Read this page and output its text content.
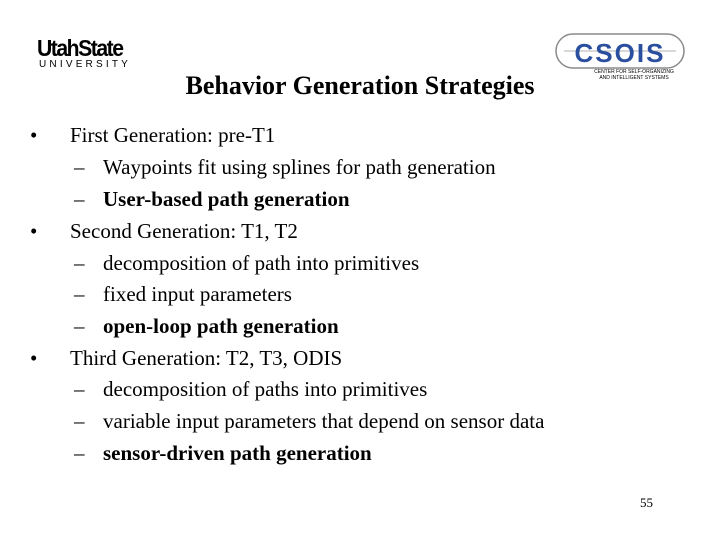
UtahState
UNIVERSITY	CSOIS
CENTER FOR SELF-ORGANIZING
AND INTELLIGENT SYSTEMS
Behavior Generation Strategies
• First Generation: pre-T1
– Waypoints fit using splines for path generation
– User-based path generation
• Second Generation: T1, T2
– decomposition of path into primitives
– fixed input parameters
– open-loop path generation
• Third Generation: T2, T3, ODIS
– decomposition of paths into primitives
– variable input parameters that depend on sensor data
– sensor-driven path generation
55
